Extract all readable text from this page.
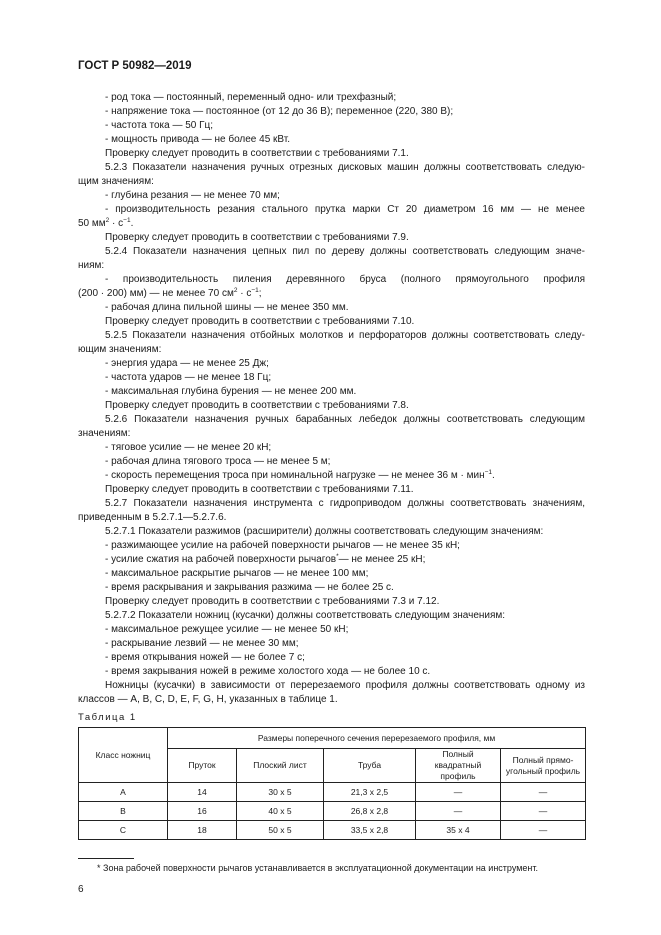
ГОСТ Р 50982—2019
- род тока — постоянный, переменный одно- или трехфазный;
- напряжение тока — постоянное (от 12 до 36 В); переменное (220, 380 В);
- частота тока — 50 Гц;
- мощность привода — не более 45 кВт.
Проверку следует проводить в соответствии с требованиями 7.1.
5.2.3 Показатели назначения ручных отрезных дисковых машин должны соответствовать следую-
щим значениям:
- глубина резания — не менее 70 мм;
- производительность резания стального прутка марки Ст 20 диаметром 16 мм — не менее
50 $мм^2 \cdot с^{-1}$.
Проверку следует проводить в соответствии с требованиями 7.9.
5.2.4 Показатели назначения цепных пил по дереву должны соответствовать следующим значе-
ниям:
- производительность пиления деревянного бруса (полного прямоугольного профиля
(200 · 200) мм) — не менее 70 $см^2 \cdot с^{-1}$;
- рабочая длина пильной шины — не менее 350 мм.
Проверку следует проводить в соответствии с требованиями 7.10.
5.2.5 Показатели назначения отбойных молотков и перфораторов должны соответствовать следу-
ющим значениям:
- энергия удара — не менее 25 Дж;
- частота ударов — не менее 18 Гц;
- максимальная глубина бурения — не менее 200 мм.
Проверку следует проводить в соответствии с требованиями 7.8.
5.2.6 Показатели назначения ручных барабанных лебедок должны соответствовать следующим
значениям:
- тяговое усилие — не менее 20 кН;
- рабочая длина тягового троса — не менее 5 м;
- скорость перемещения троса при номинальной нагрузке — не менее 36 м · мин$^{-1}$.
Проверку следует проводить в соответствии с требованиями 7.11.
5.2.7 Показатели назначения инструмента с гидроприводом должны соответствовать значениям,
приведенным в 5.2.7.1—5.2.7.6.
5.2.7.1 Показатели разжимов (расширители) должны соответствовать следующим значениям:
- разжимающее усилие на рабочей поверхности рычагов — не менее 35 кН;
- усилие сжатия на рабочей поверхности рычагов*— не менее 25 кН;
- максимальное раскрытие рычагов — не менее 100 мм;
- время раскрывания и закрывания разжима — не более 25 с.
Проверку следует проводить в соответствии с требованиями 7.3 и 7.12.
5.2.7.2 Показатели ножниц (кусачки) должны соответствовать следующим значениям:
- максимальное режущее усилие — не менее 50 кН;
- раскрывание лезвий — не менее 30 мм;
- время открывания ножей — не более 7 с;
- время закрывания ножей в режиме холостого хода — не более 10 с.
Ножницы (кусачки) в зависимости от перерезаемого профиля должны соответствовать одному из
классов — А, В, С, D, E, F, G, H, указанных в таблице 1.
Таблица 1
Класс ножниц	Размеры поперечного сечения перерезаемого профиля, мм				
	Пруток	Плоский лист	Труба	Полный квадратный профиль	Полный прямо- угольный профиль
А	14	30 х 5	21,3 х 2,5	—	—
В	16	40 х 5	26,8 х 2,8	—	—
С	18	50 х 5	33,5 х 2,8	35 х 4	—
* Зона рабочей поверхности рычагов устанавливается в эксплуатационной документации на инструмент.
6
